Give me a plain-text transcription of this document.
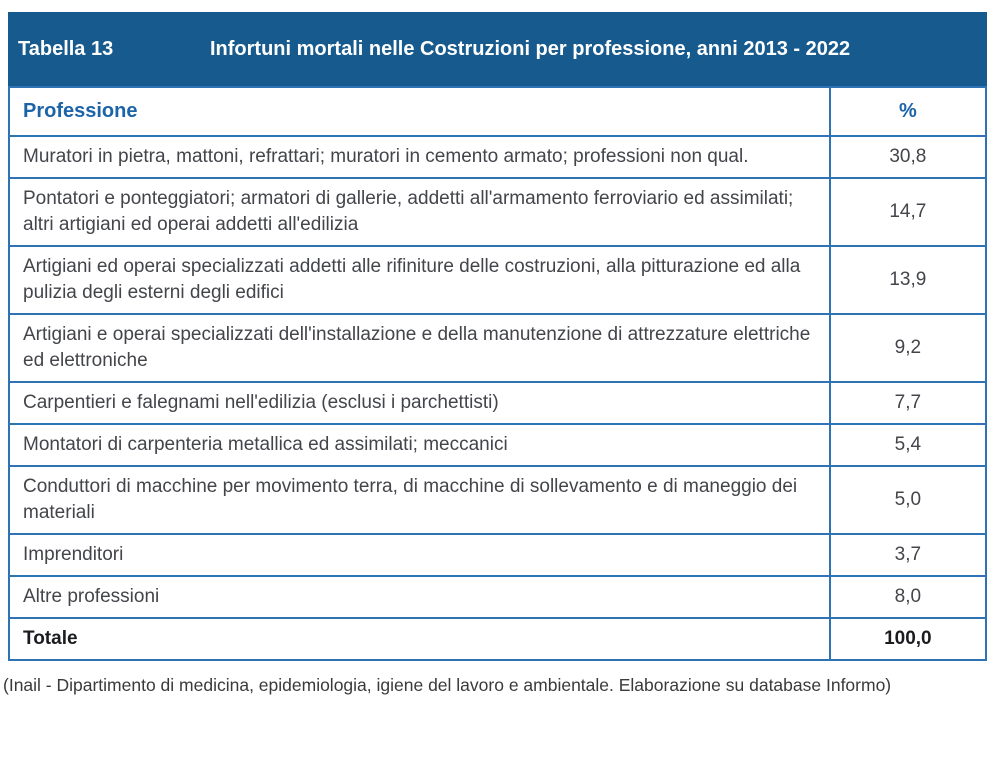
Tabella 13	Infortuni mortali nelle Costruzioni per professione, anni 2013 - 2022
Professione	%
Muratori in pietra, mattoni, refrattari; muratori in cemento armato; professioni non qual.	30,8
Pontatori e ponteggiatori; armatori di gallerie, addetti all'armamento ferroviario ed assimilati; altri artigiani ed operai addetti all'edilizia	14,7
Artigiani ed operai specializzati addetti alle rifiniture delle costruzioni, alla pitturazione ed alla pulizia degli esterni degli edifici	13,9
Artigiani e operai specializzati dell'installazione e della manutenzione di attrezzature elettriche ed elettroniche	9,2
Carpentieri e falegnami nell'edilizia (esclusi i parchettisti)	7,7
Montatori di carpenteria metallica ed assimilati; meccanici	5,4
Conduttori di macchine per movimento terra, di macchine di sollevamento e di maneggio dei materiali	5,0
Imprenditori	3,7
Altre professioni	8,0
Totale	100,0

(Inail - Dipartimento di medicina, epidemiologia, igiene del lavoro e ambientale. Elaborazione su database Informo)
